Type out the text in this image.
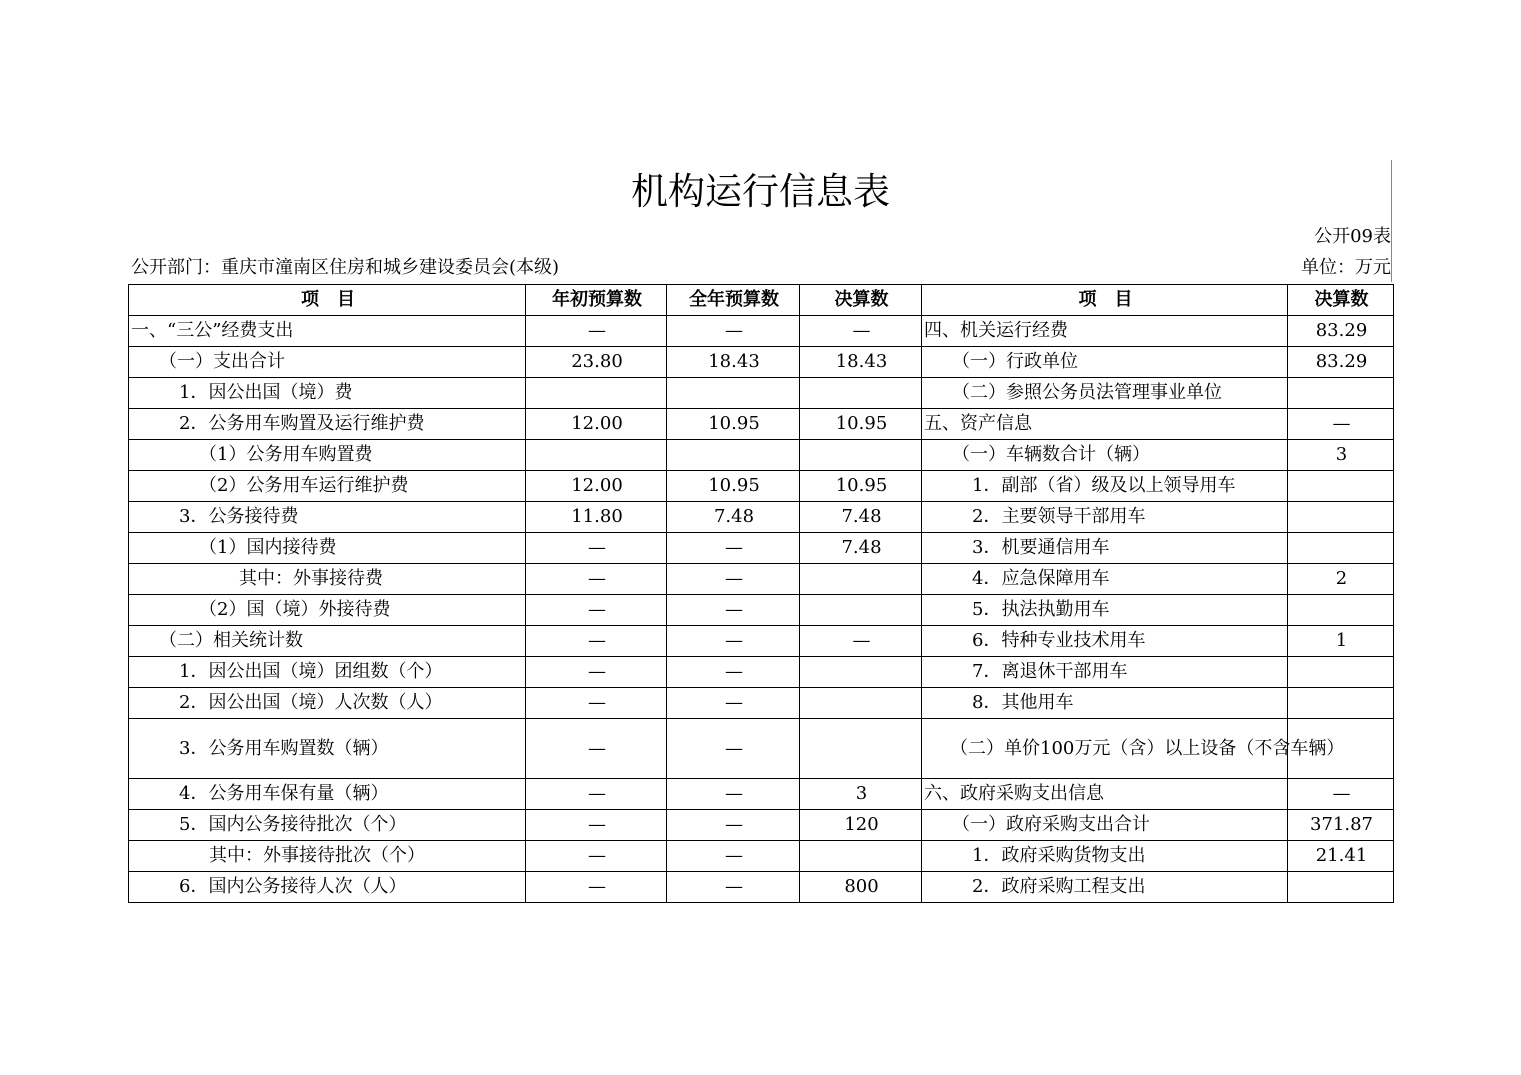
机构运行信息表
公开09表
公开部门：重庆市潼南区住房和城乡建设委员会(本级)	单位：万元
项　目	年初预算数	全年预算数	决算数	项　目	决算数
一、“三公”经费支出	—	—	—	四、机关运行经费	83.29
（一）支出合计	23.80	18.43	18.43	（一）行政单位	83.29
1．因公出国（境）费				（二）参照公务员法管理事业单位	
2．公务用车购置及运行维护费	12.00	10.95	10.95	五、资产信息	—
（1）公务用车购置费				（一）车辆数合计（辆）	3
（2）公务用车运行维护费	12.00	10.95	10.95	1．副部（省）级及以上领导用车	
3．公务接待费	11.80	7.48	7.48	2．主要领导干部用车	
（1）国内接待费	—	—	7.48	3．机要通信用车	
其中：外事接待费	—	—		4．应急保障用车	2
（2）国（境）外接待费	—	—		5．执法执勤用车	
（二）相关统计数	—	—	—	6．特种专业技术用车	1
1．因公出国（境）团组数（个）	—	—		7．离退休干部用车	
2．因公出国（境）人次数（人）	—	—		8．其他用车	
3．公务用车购置数（辆）	—	—		（二）单价100万元（含）以上设备（不含车辆）	
4．公务用车保有量（辆）	—	—	3	六、政府采购支出信息	—
5．国内公务接待批次（个）	—	—	120	（一）政府采购支出合计	371.87
其中：外事接待批次（个）	—	—		1．政府采购货物支出	21.41
6．国内公务接待人次（人）	—	—	800	2．政府采购工程支出	
